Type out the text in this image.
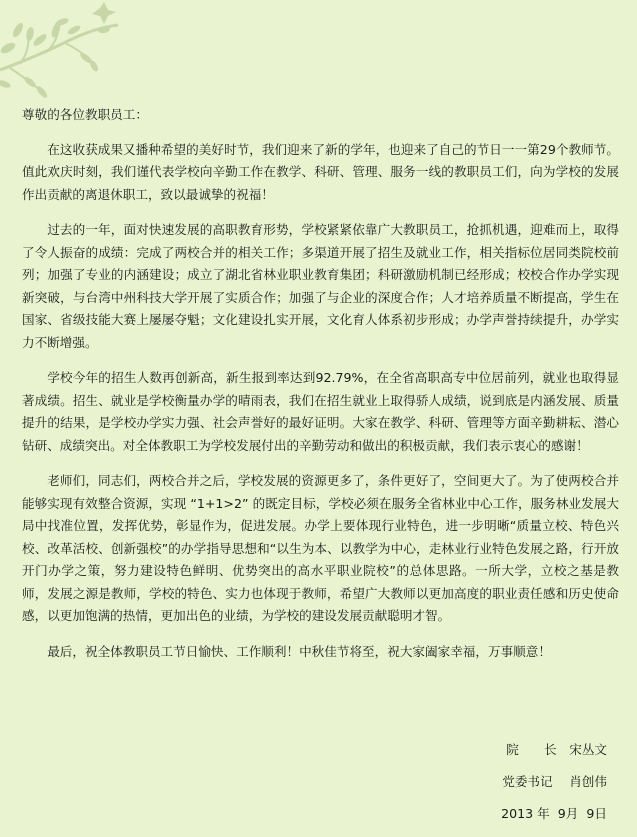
尊敬的各位教职员工：

在这收获成果又播种希望的美好时节，我们迎来了新的学年，也迎来了自己的节日一一第29个教师节。值此欢庆时刻，我们谨代表学校向辛勤工作在教学、科研、管理、服务一线的教职员工们，向为学校的发展作出贡献的离退休职工，致以最诚挚的祝福！

过去的一年，面对快速发展的高职教育形势，学校紧紧依靠广大教职员工，抢抓机遇，迎难而上，取得了令人振奋的成绩：完成了两校合并的相关工作；多渠道开展了招生及就业工作，相关指标位居同类院校前列；加强了专业的内涵建设；成立了湖北省林业职业教育集团；科研激励机制已经形成；校校合作办学实现新突破，与台湾中州科技大学开展了实质合作；加强了与企业的深度合作；人才培养质量不断提高，学生在国家、省级技能大赛上屡屡夺魁；文化建设扎实开展，文化育人体系初步形成；办学声誉持续提升，办学实力不断增强。

学校今年的招生人数再创新高，新生报到率达到92.79%，在全省高职高专中位居前列，就业也取得显著成绩。招生、就业是学校衡量办学的晴雨表，我们在招生就业上取得骄人成绩，说到底是内涵发展、质量提升的结果，是学校办学实力强、社会声誉好的最好证明。大家在教学、科研、管理等方面辛勤耕耘、潜心钻研、成绩突出。对全体教职工为学校发展付出的辛勤劳动和做出的积极贡献，我们表示衷心的感谢！

老师们，同志们，两校合并之后，学校发展的资源更多了，条件更好了，空间更大了。为了使两校合并能够实现有效整合资源，实现 “1+1>2” 的既定目标，学校必须在服务全省林业中心工作，服务林业发展大局中找准位置，发挥优势，彰显作为，促进发展。办学上要体现行业特色，进一步明晰“质量立校、特色兴校、改革活校、创新强校”的办学指导思想和“以生为本、以教学为中心，走林业行业特色发展之路，行开放开门办学之策，努力建设特色鲜明、优势突出的高水平职业院校”的总体思路。一所大学，立校之基是教师，发展之源是教师，学校的特色、实力也体现于教师，希望广大教师以更加高度的职业责任感和历史使命感，以更加饱满的热情，更加出色的业绩，为学校的建设发展贡献聪明才智。

最后，祝全体教职员工节日愉快、工作顺利！中秋佳节将至，祝大家阖家幸福，万事顺意！

院　　长　宋丛文
党委书记　 肖创伟
2013 年  9月  9日
